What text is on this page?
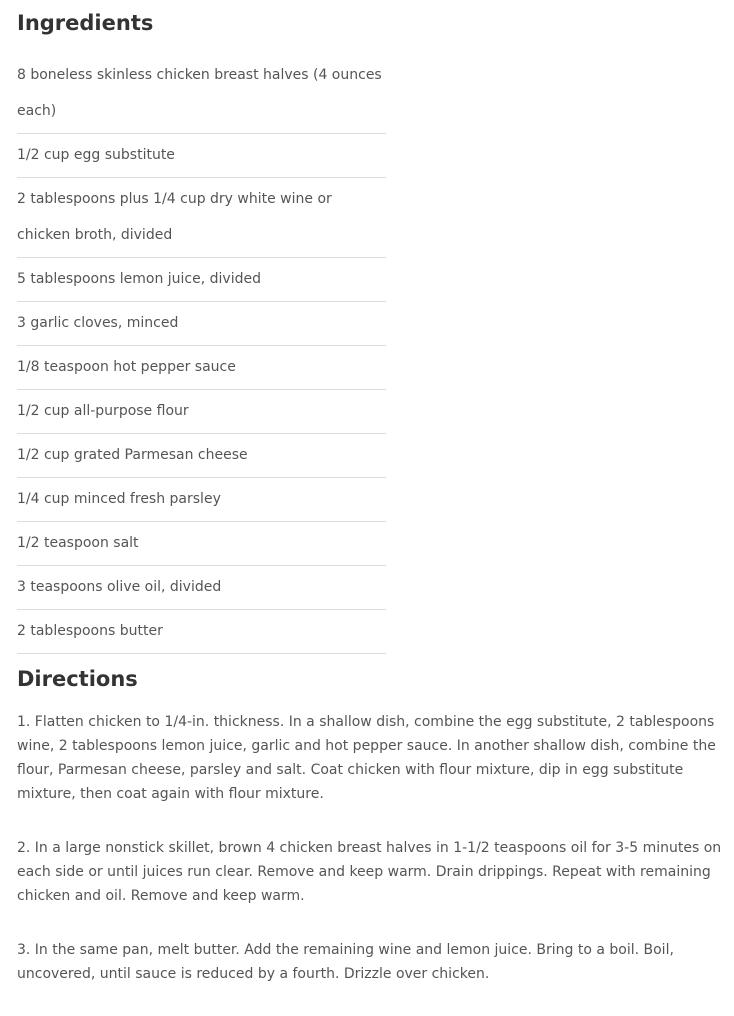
Ingredients
8 boneless skinless chicken breast halves (4 ounces each)
1/2 cup egg substitute
2 tablespoons plus 1/4 cup dry white wine or chicken broth, divided
5 tablespoons lemon juice, divided
3 garlic cloves, minced
1/8 teaspoon hot pepper sauce
1/2 cup all-purpose flour
1/2 cup grated Parmesan cheese
1/4 cup minced fresh parsley
1/2 teaspoon salt
3 teaspoons olive oil, divided
2 tablespoons butter
Directions

1. Flatten chicken to 1/4-in. thickness. In a shallow dish, combine the egg substitute, 2 tablespoons wine, 2 tablespoons lemon juice, garlic and hot pepper sauce. In another shallow dish, combine the flour, Parmesan cheese, parsley and salt. Coat chicken with flour mixture, dip in egg substitute mixture, then coat again with flour mixture.

2. In a large nonstick skillet, brown 4 chicken breast halves in 1-1/2 teaspoons oil for 3-5 minutes on each side or until juices run clear. Remove and keep warm. Drain drippings. Repeat with remaining chicken and oil. Remove and keep warm.

3. In the same pan, melt butter. Add the remaining wine and lemon juice. Bring to a boil. Boil, uncovered, until sauce is reduced by a fourth. Drizzle over chicken.
